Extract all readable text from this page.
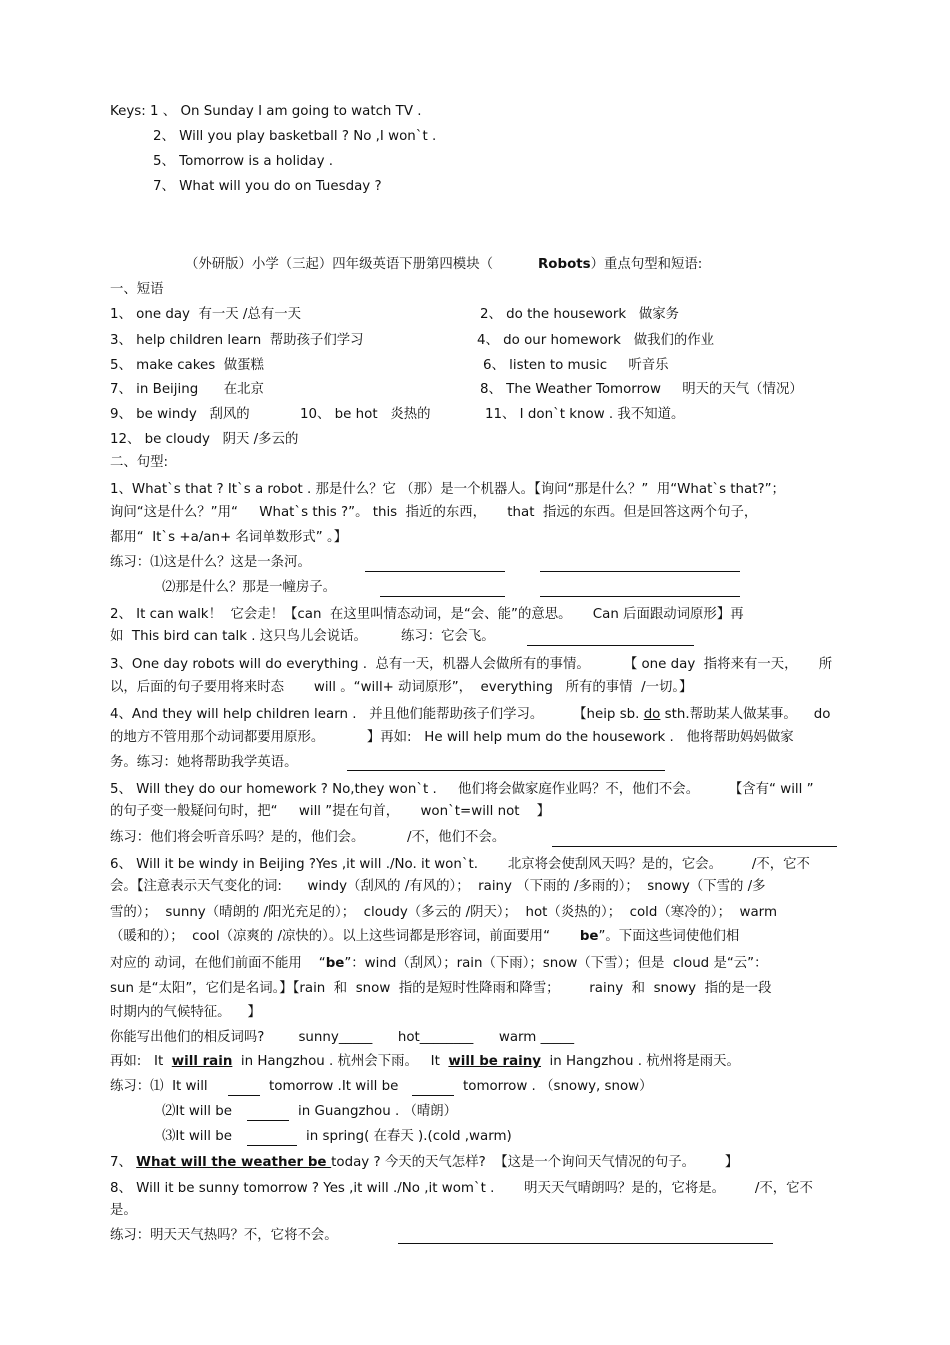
Keys: 1 、 On Sunday I am going to watch TV .
2、 Will you play basketball ? No ,I won`t .
5、 Tomorrow is a holiday .
7、 What will you do on Tuesday ?
（外研版）小学（三起）四年级英语下册第四模块（	Robots）重点句型和短语:
一、短语
1、 one day  有一天 /总有一天	2、 do the housework   做家务
3、 help children learn  帮助孩子们学习	4、 do our homework   做我们的作业
5、 make cakes  做蛋糕	6、 listen to music     听音乐
7、 in Beijing      在北京	8、 The Weather Tomorrow     明天的天气（情况）
9、 be windy   刮风的	10、 be hot   炎热的	11、 I don`t know . 我不知道。
12、 be cloudy   阴天 /多云的
二、句型:
1、What`s that ? It`s a robot . 那是什么？它 （那）是一个机器人。【询问“那是什么？”  用“What`s that?”；
询问“这是什么？”用“     What`s this ?”。 this  指近的东西，     that  指远的东西。但是回答这两个句子，
都用“  It`s +a/an+ 名词单数形式” 。】
练习：⑴这是什么？这是一条河。
⑵那是什么？那是一幢房子。
2、 It can walk！  它会走！【can  在这里叫情态动词，是“会、能”的意思。     Can 后面跟动词原形】再
如  This bird can talk . 这只鸟儿会说话。        练习：它会飞。
3、One day robots will do everything .  总有一天，机器人会做所有的事情。        【 one day  指将来有一天，     所
以，后面的句子要用将来时态       will 。“will+ 动词原形”，  everything   所有的事情  /一切。】
4、And they will help children learn .   并且他们能帮助孩子们学习。       【heip sb. do sth.帮助某人做某事。    do
的地方不管用那个动词都要用原形。          】再如:   He will help mum do the housework .   他将帮助妈妈做家
务。练习：她将帮助我学英语。
5、 Will they do our homework ? No,they won`t .     他们将会做家庭作业吗？不，他们不会。       【含有“ will ”
的句子变一般疑问句时，把“     will ”提在句首，     won`t=will not    】
练习：他们将会听音乐吗？是的，他们会。          /不，他们不会。
6、 Will it be windy in Beijing ?Yes ,it will ./No. it won`t.       北京将会使刮风天吗？是的，它会。       /不，它不
会。【注意表示天气变化的词:      windy（刮风的 /有风的）；  rainy （下雨的 /多雨的）；  snowy（下雪的 /多
雪的）；  sunny（晴朗的 /阳光充足的）；  cloudy（多云的 /阴天）；  hot（炎热的）；  cold（寒冷的）；  warm
（暖和的）；  cool（凉爽的 /凉快的）。以上这些词都是形容词，前面要用“       be”。下面这些词使他们相
对应的 动词，在他们前面不能用    “be”：wind（刮风）；rain（下雨）；snow（下雪）；但是  cloud 是“云”：
sun 是“太阳”，它们是名词。】【rain  和  snow  指的是短时性降雨和降雪；       rainy  和  snowy  指的是一段
时期内的气候特征。    】
你能写出他们的相反词吗?        sunny_____      hot________      warm _____
再如:   It  will rain  in Hangzhou . 杭州会下雨。   It  will be rainy  in Hangzhou . 杭州将是雨天。
练习：⑴  It will	tomorrow .It will be	tomorrow . （snowy, snow）
⑵It will be	in Guangzhou . （晴朗）
⑶It will be	in spring( 在春天 ).(cold ,warm)
7、 What will the weather be today ? 今天的天气怎样?  【这是一个询问天气情况的句子。       】
8、 Will it be sunny tomorrow ? Yes ,it will ./No ,it wom`t .       明天天气晴朗吗？是的，它将是。       /不，它不
是。
练习：明天天气热吗？不，它将不会。
